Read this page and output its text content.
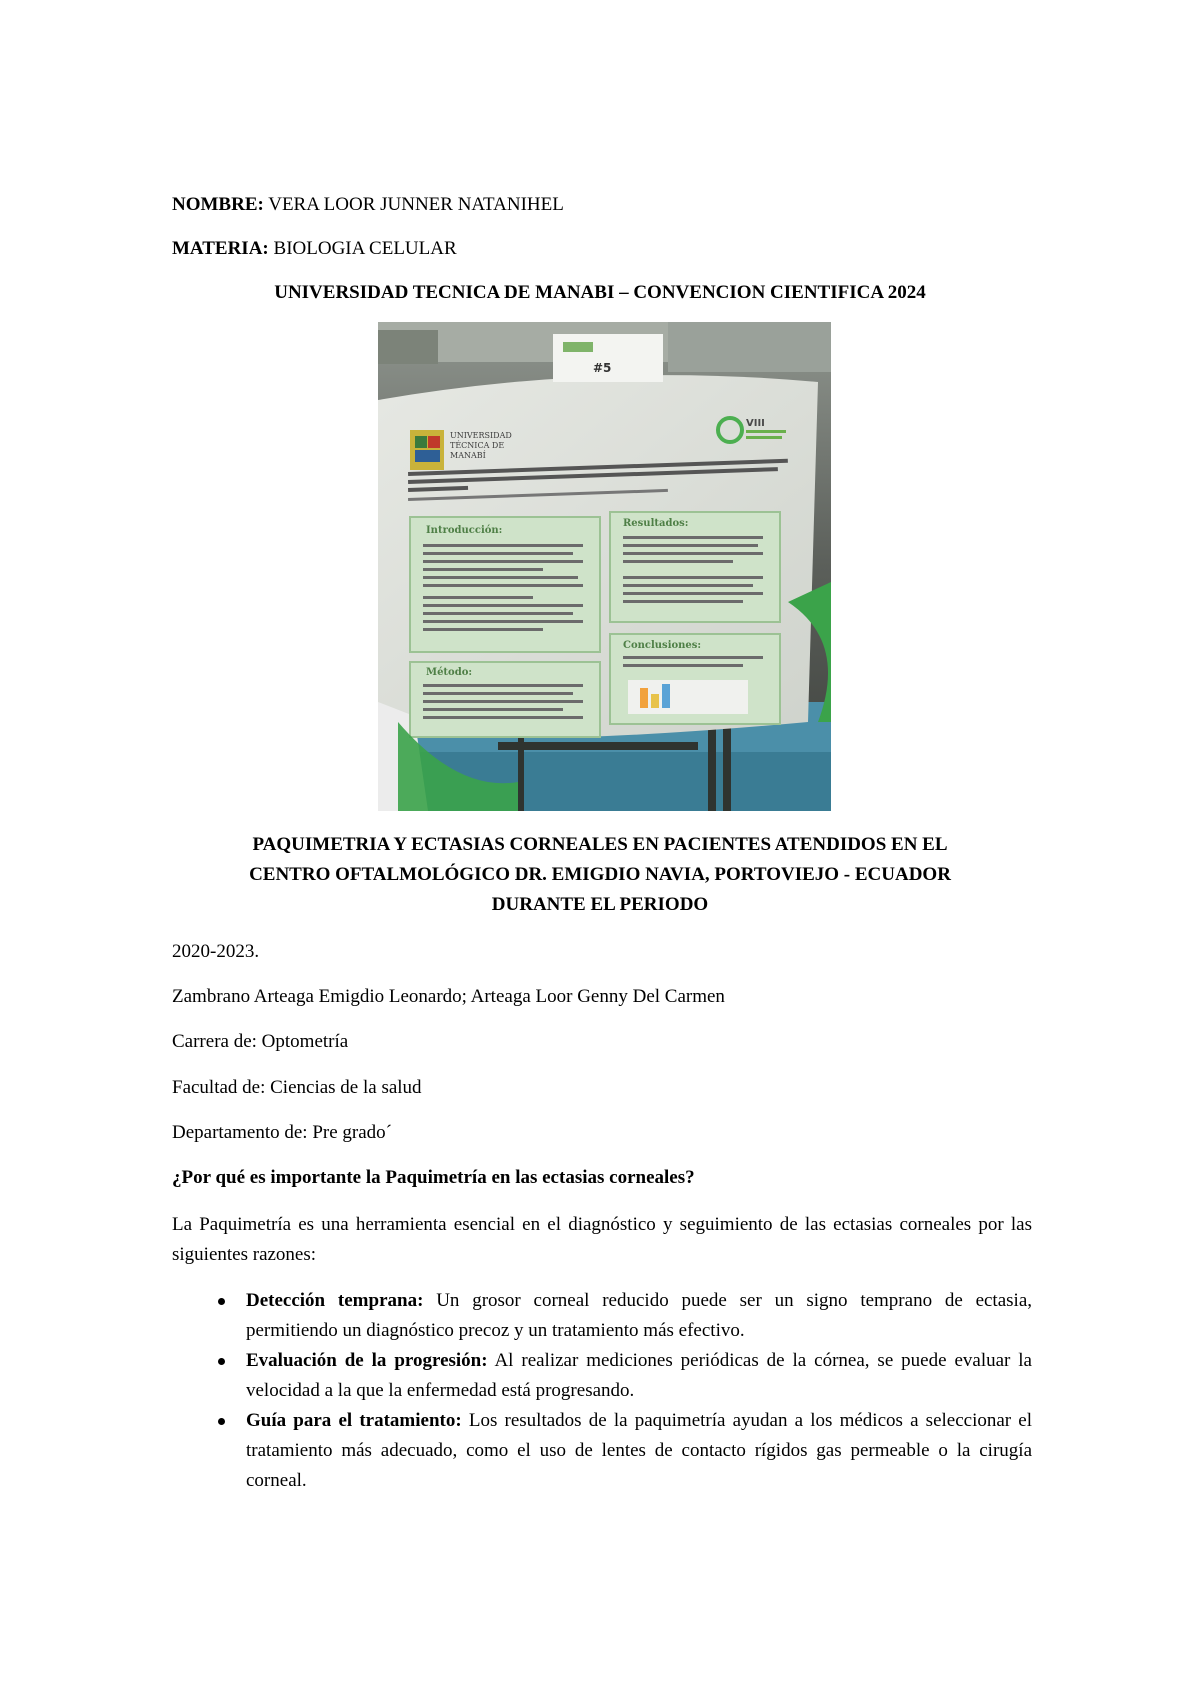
NOMBRE: VERA LOOR JUNNER NATANIHEL
MATERIA: BIOLOGIA CELULAR
UNIVERSIDAD TECNICA DE MANABI – CONVENCION CIENTIFICA 2024
#5
UNIVERSIDAD
TÉCNICA DE
MANABÍ
VIII
Introducción:
Método:
Resultados:
Conclusiones:
PAQUIMETRIA Y ECTASIAS CORNEALES EN PACIENTES ATENDIDOS EN EL
CENTRO OFTALMOLÓGICO DR. EMIGDIO NAVIA, PORTOVIEJO - ECUADOR
DURANTE EL PERIODO
2020-2023.
Zambrano Arteaga Emigdio Leonardo; Arteaga Loor Genny Del Carmen
Carrera de: Optometría
Facultad de: Ciencias de la salud
Departamento de: Pre grado´
¿Por qué es importante la Paquimetría en las ectasias corneales?
La Paquimetría es una herramienta esencial en el diagnóstico y seguimiento de las ectasias corneales por las siguientes razones:
Detección temprana: Un grosor corneal reducido puede ser un signo temprano de ectasia, permitiendo un diagnóstico precoz y un tratamiento más efectivo.
Evaluación de la progresión: Al realizar mediciones periódicas de la córnea, se puede evaluar la velocidad a la que la enfermedad está progresando.
Guía para el tratamiento: Los resultados de la paquimetría ayudan a los médicos a seleccionar el tratamiento más adecuado, como el uso de lentes de contacto rígidos gas permeable o la cirugía corneal.
